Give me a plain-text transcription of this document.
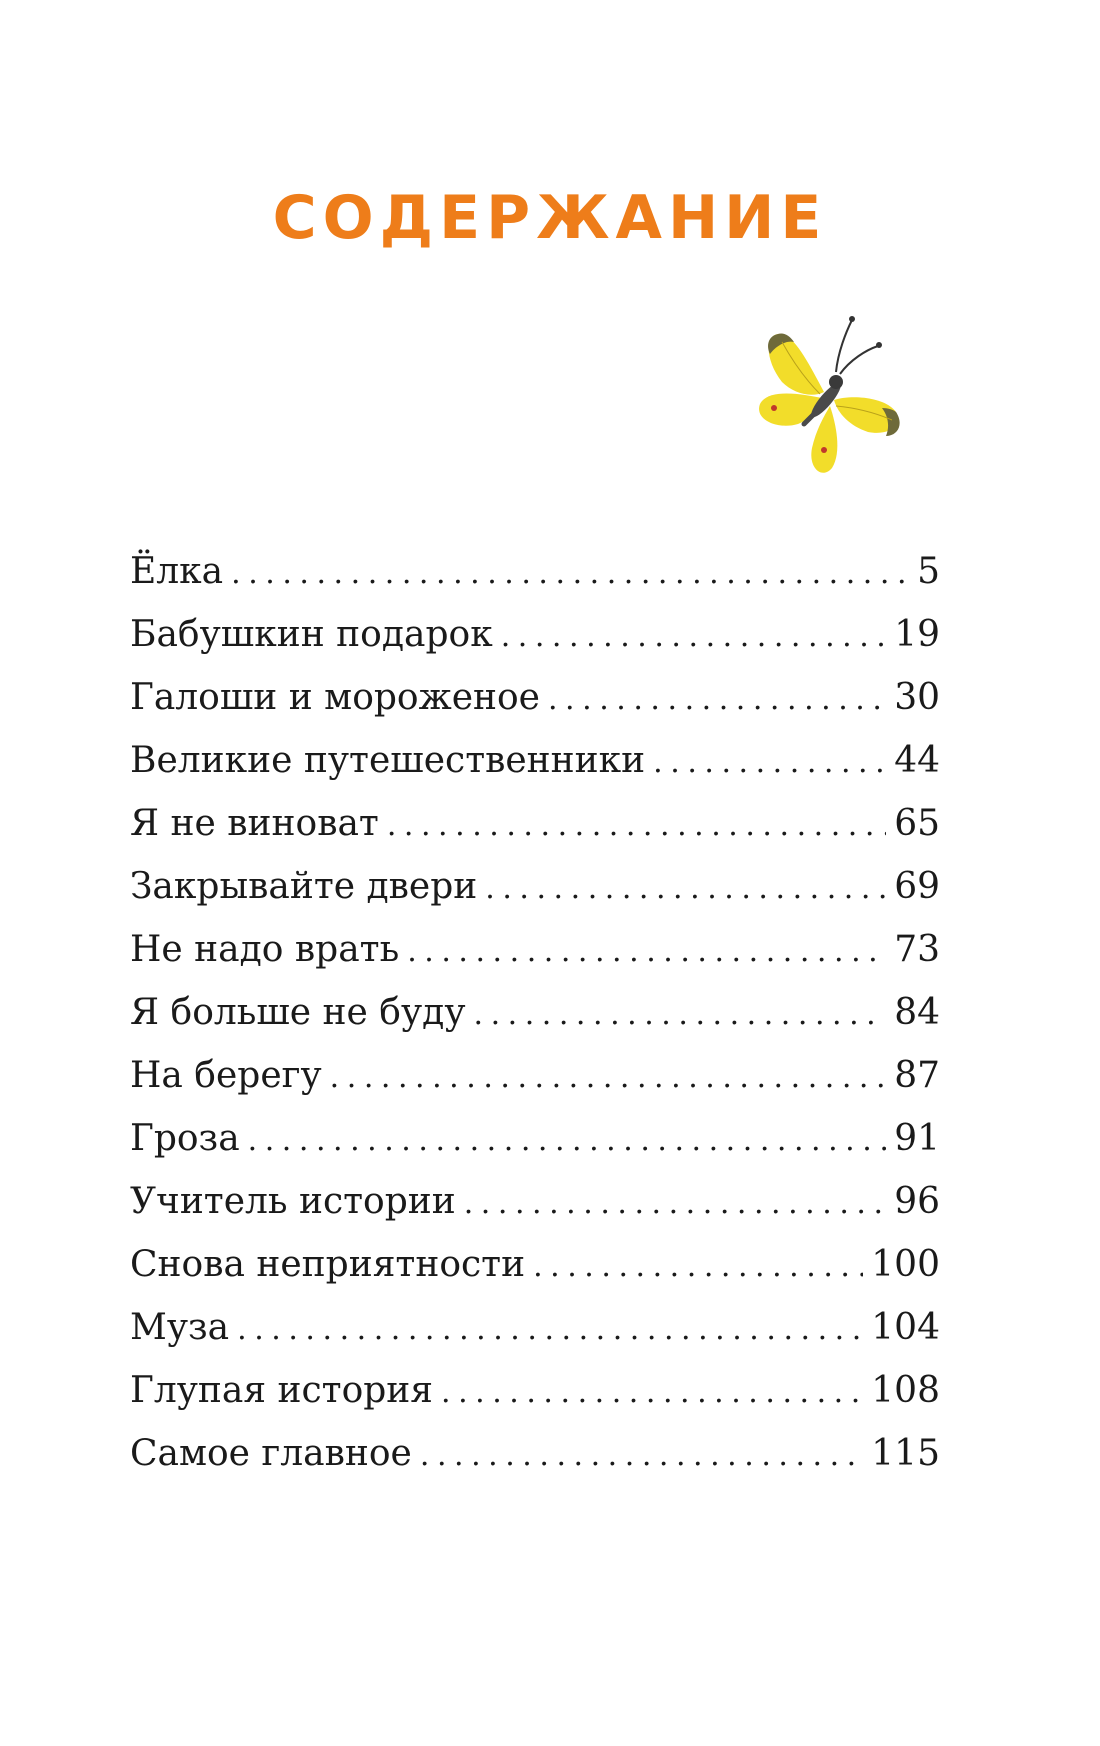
СОДЕРЖАНИЕ
Ёлка . . .	5
Бабушкин подарок . . .	19
Галоши и мороженое . . .	30
Великие путешественники . . .	44
Я не виноват . . .	65
Закрывайте двери . . .	69
Не надо врать . . .	73
Я больше не буду . . .	84
На берегу . . .	87
Гроза . . .	91
Учитель истории . . .	96
Снова неприятности . . .	100
Муза . . .	104
Глупая история . . .	108
Самое главное . . .	115
